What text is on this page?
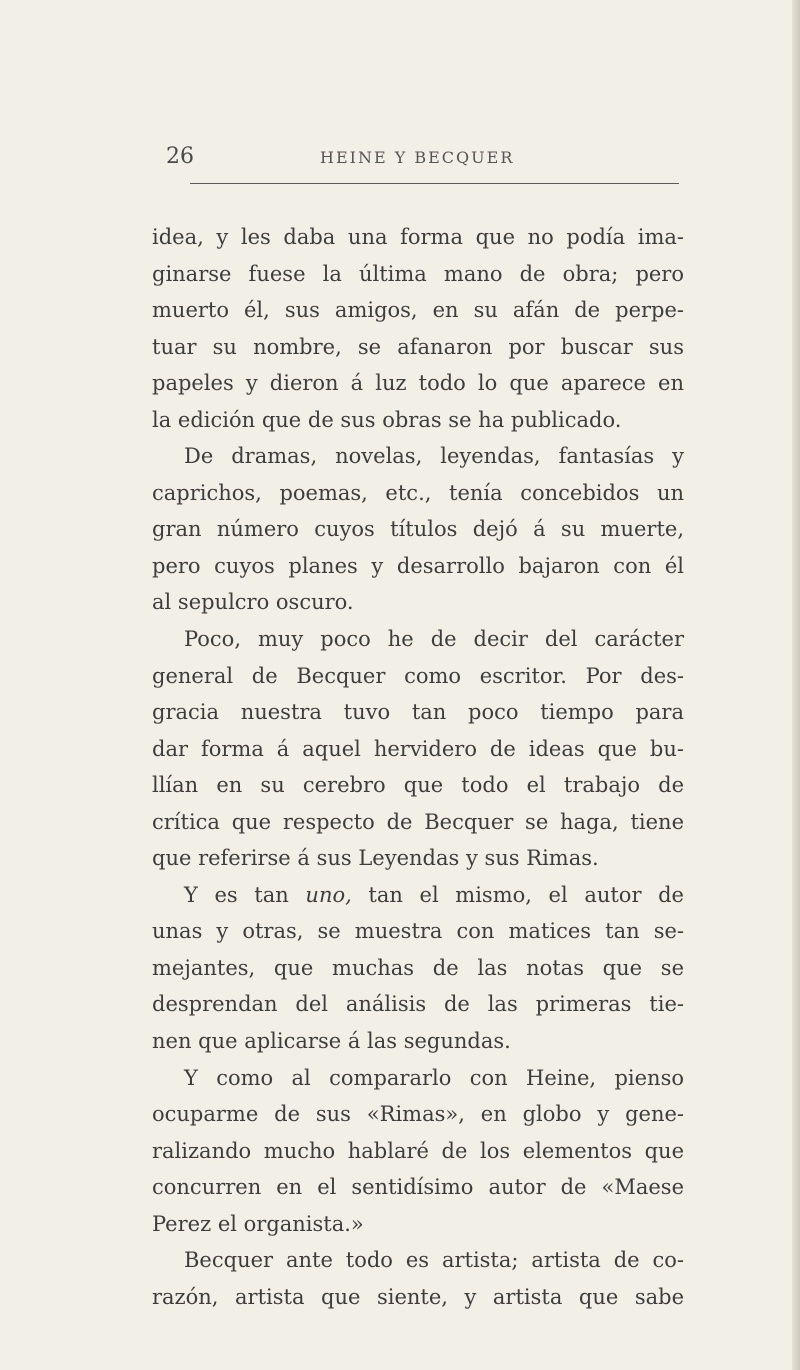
26	HEINE Y BECQUER
idea, y les daba una forma que no podía ima-
ginarse fuese la última mano de obra; pero
muerto él, sus amigos, en su afán de perpe-
tuar su nombre, se afanaron por buscar sus
papeles y dieron á luz todo lo que aparece en
la edición que de sus obras se ha publicado.
De dramas, novelas, leyendas, fantasías y
caprichos, poemas, etc., tenía concebidos un
gran número cuyos títulos dejó á su muerte,
pero cuyos planes y desarrollo bajaron con él
al sepulcro oscuro.
Poco, muy poco he de decir del carácter
general de Becquer como escritor. Por des-
gracia nuestra tuvo tan poco tiempo para
dar forma á aquel hervidero de ideas que bu-
llían en su cerebro que todo el trabajo de
crítica que respecto de Becquer se haga, tiene
que referirse á sus Leyendas y sus Rimas.
Y es tan uno, tan el mismo, el autor de
unas y otras, se muestra con matices tan se-
mejantes, que muchas de las notas que se
desprendan del análisis de las primeras tie-
nen que aplicarse á las segundas.
Y como al compararlo con Heine, pienso
ocuparme de sus «Rimas», en globo y gene-
ralizando mucho hablaré de los elementos que
concurren en el sentidísimo autor de «Maese
Perez el organista.»
Becquer ante todo es artista; artista de co-
razón, artista que siente, y artista que sabe
